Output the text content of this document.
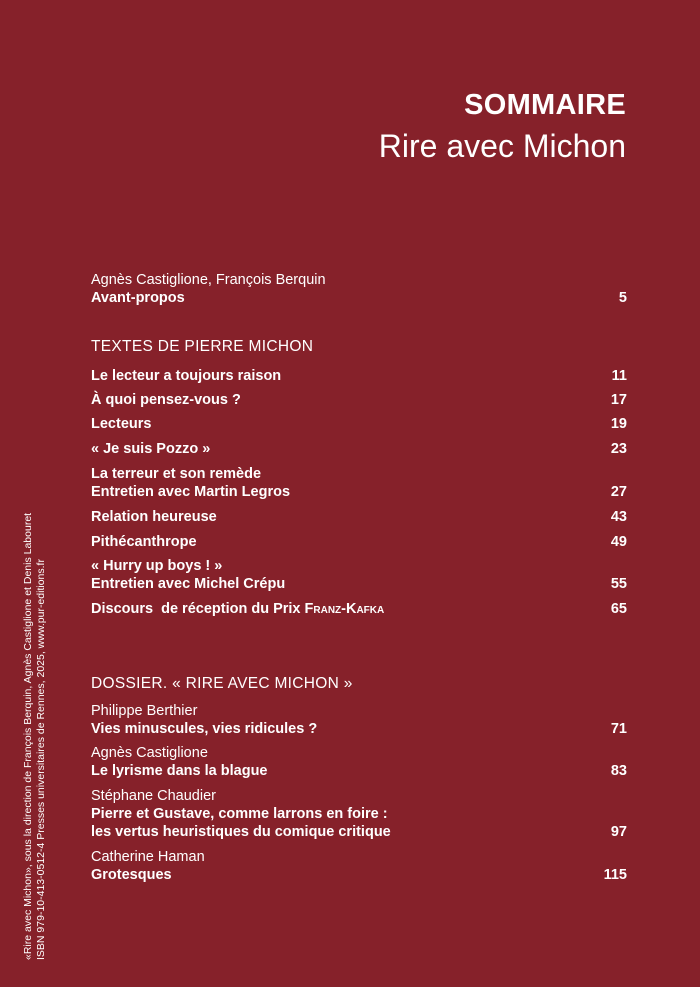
SOMMAIRE
Rire avec Michon
Agnès Castiglione, François Berquin
Avant-propos	5
TEXTES DE PIERRE MICHON
Le lecteur a toujours raison	11
À quoi pensez-vous ?	17
Lecteurs	19
« Je suis Pozzo »	23
La terreur et son remède
Entretien avec Martin Legros	27
Relation heureuse	43
Pithécanthrope	49
« Hurry up boys ! »
Entretien avec Michel Crépu	55
Discours  de réception du Prix Franz-Kafka	65
DOSSIER. « RIRE AVEC MICHON »
Philippe Berthier
Vies minuscules, vies ridicules ?	71
Agnès Castiglione
Le lyrisme dans la blague	83
Stéphane Chaudier
Pierre et Gustave, comme larrons en foire :
les vertus heuristiques du comique critique	97
Catherine Haman
Grotesques	115
«Rire avec Michon», sous la direction de François Berquin, Agnès Castiglione et Denis Labouret ISBN 979-10-413-0512-4 Presses universitaires de Rennes, 2025, www.pur-editions.fr
